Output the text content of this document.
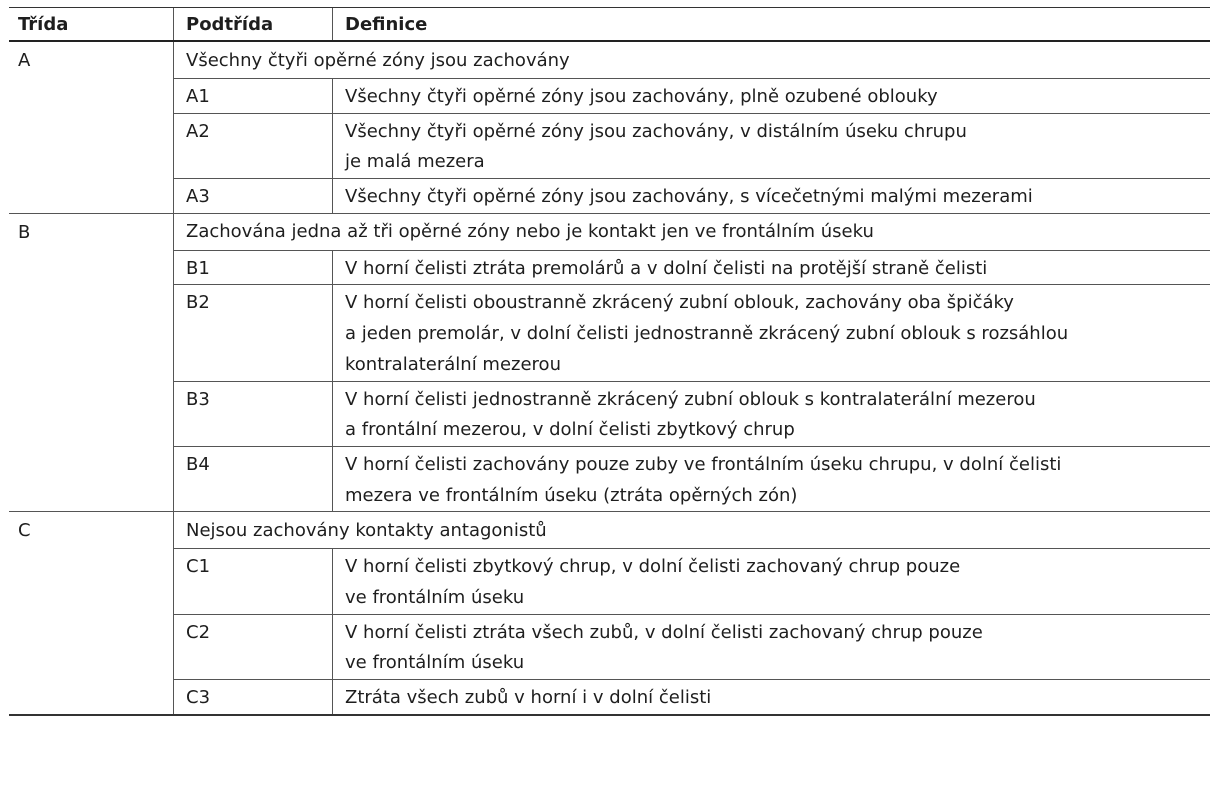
Třída	Podtřída	Definice
A	Všechny čtyři opěrné zóny jsou zachovány
A1	Všechny čtyři opěrné zóny jsou zachovány, plně ozubené oblouky
A2	Všechny čtyři opěrné zóny jsou zachovány, v distálním úseku chrupu
je malá mezera
A3	Všechny čtyři opěrné zóny jsou zachovány, s vícečetnými malými mezerami
B	Zachována jedna až tři opěrné zóny nebo je kontakt jen ve frontálním úseku
B1	V horní čelisti ztráta premolárů a v dolní čelisti na protější straně čelisti
B2	V horní čelisti oboustranně zkrácený zubní oblouk, zachovány oba špičáky
a jeden premolár, v dolní čelisti jednostranně zkrácený zubní oblouk s rozsáhlou
kontralaterální mezerou
B3	V horní čelisti jednostranně zkrácený zubní oblouk s kontralaterální mezerou
a frontální mezerou, v dolní čelisti zbytkový chrup
B4	V horní čelisti zachovány pouze zuby ve frontálním úseku chrupu, v dolní čelisti
mezera ve frontálním úseku (ztráta opěrných zón)
C	Nejsou zachovány kontakty antagonistů
C1	V horní čelisti zbytkový chrup, v dolní čelisti zachovaný chrup pouze
ve frontálním úseku
C2	V horní čelisti ztráta všech zubů, v dolní čelisti zachovaný chrup pouze
ve frontálním úseku
C3	Ztráta všech zubů v horní i v dolní čelisti
